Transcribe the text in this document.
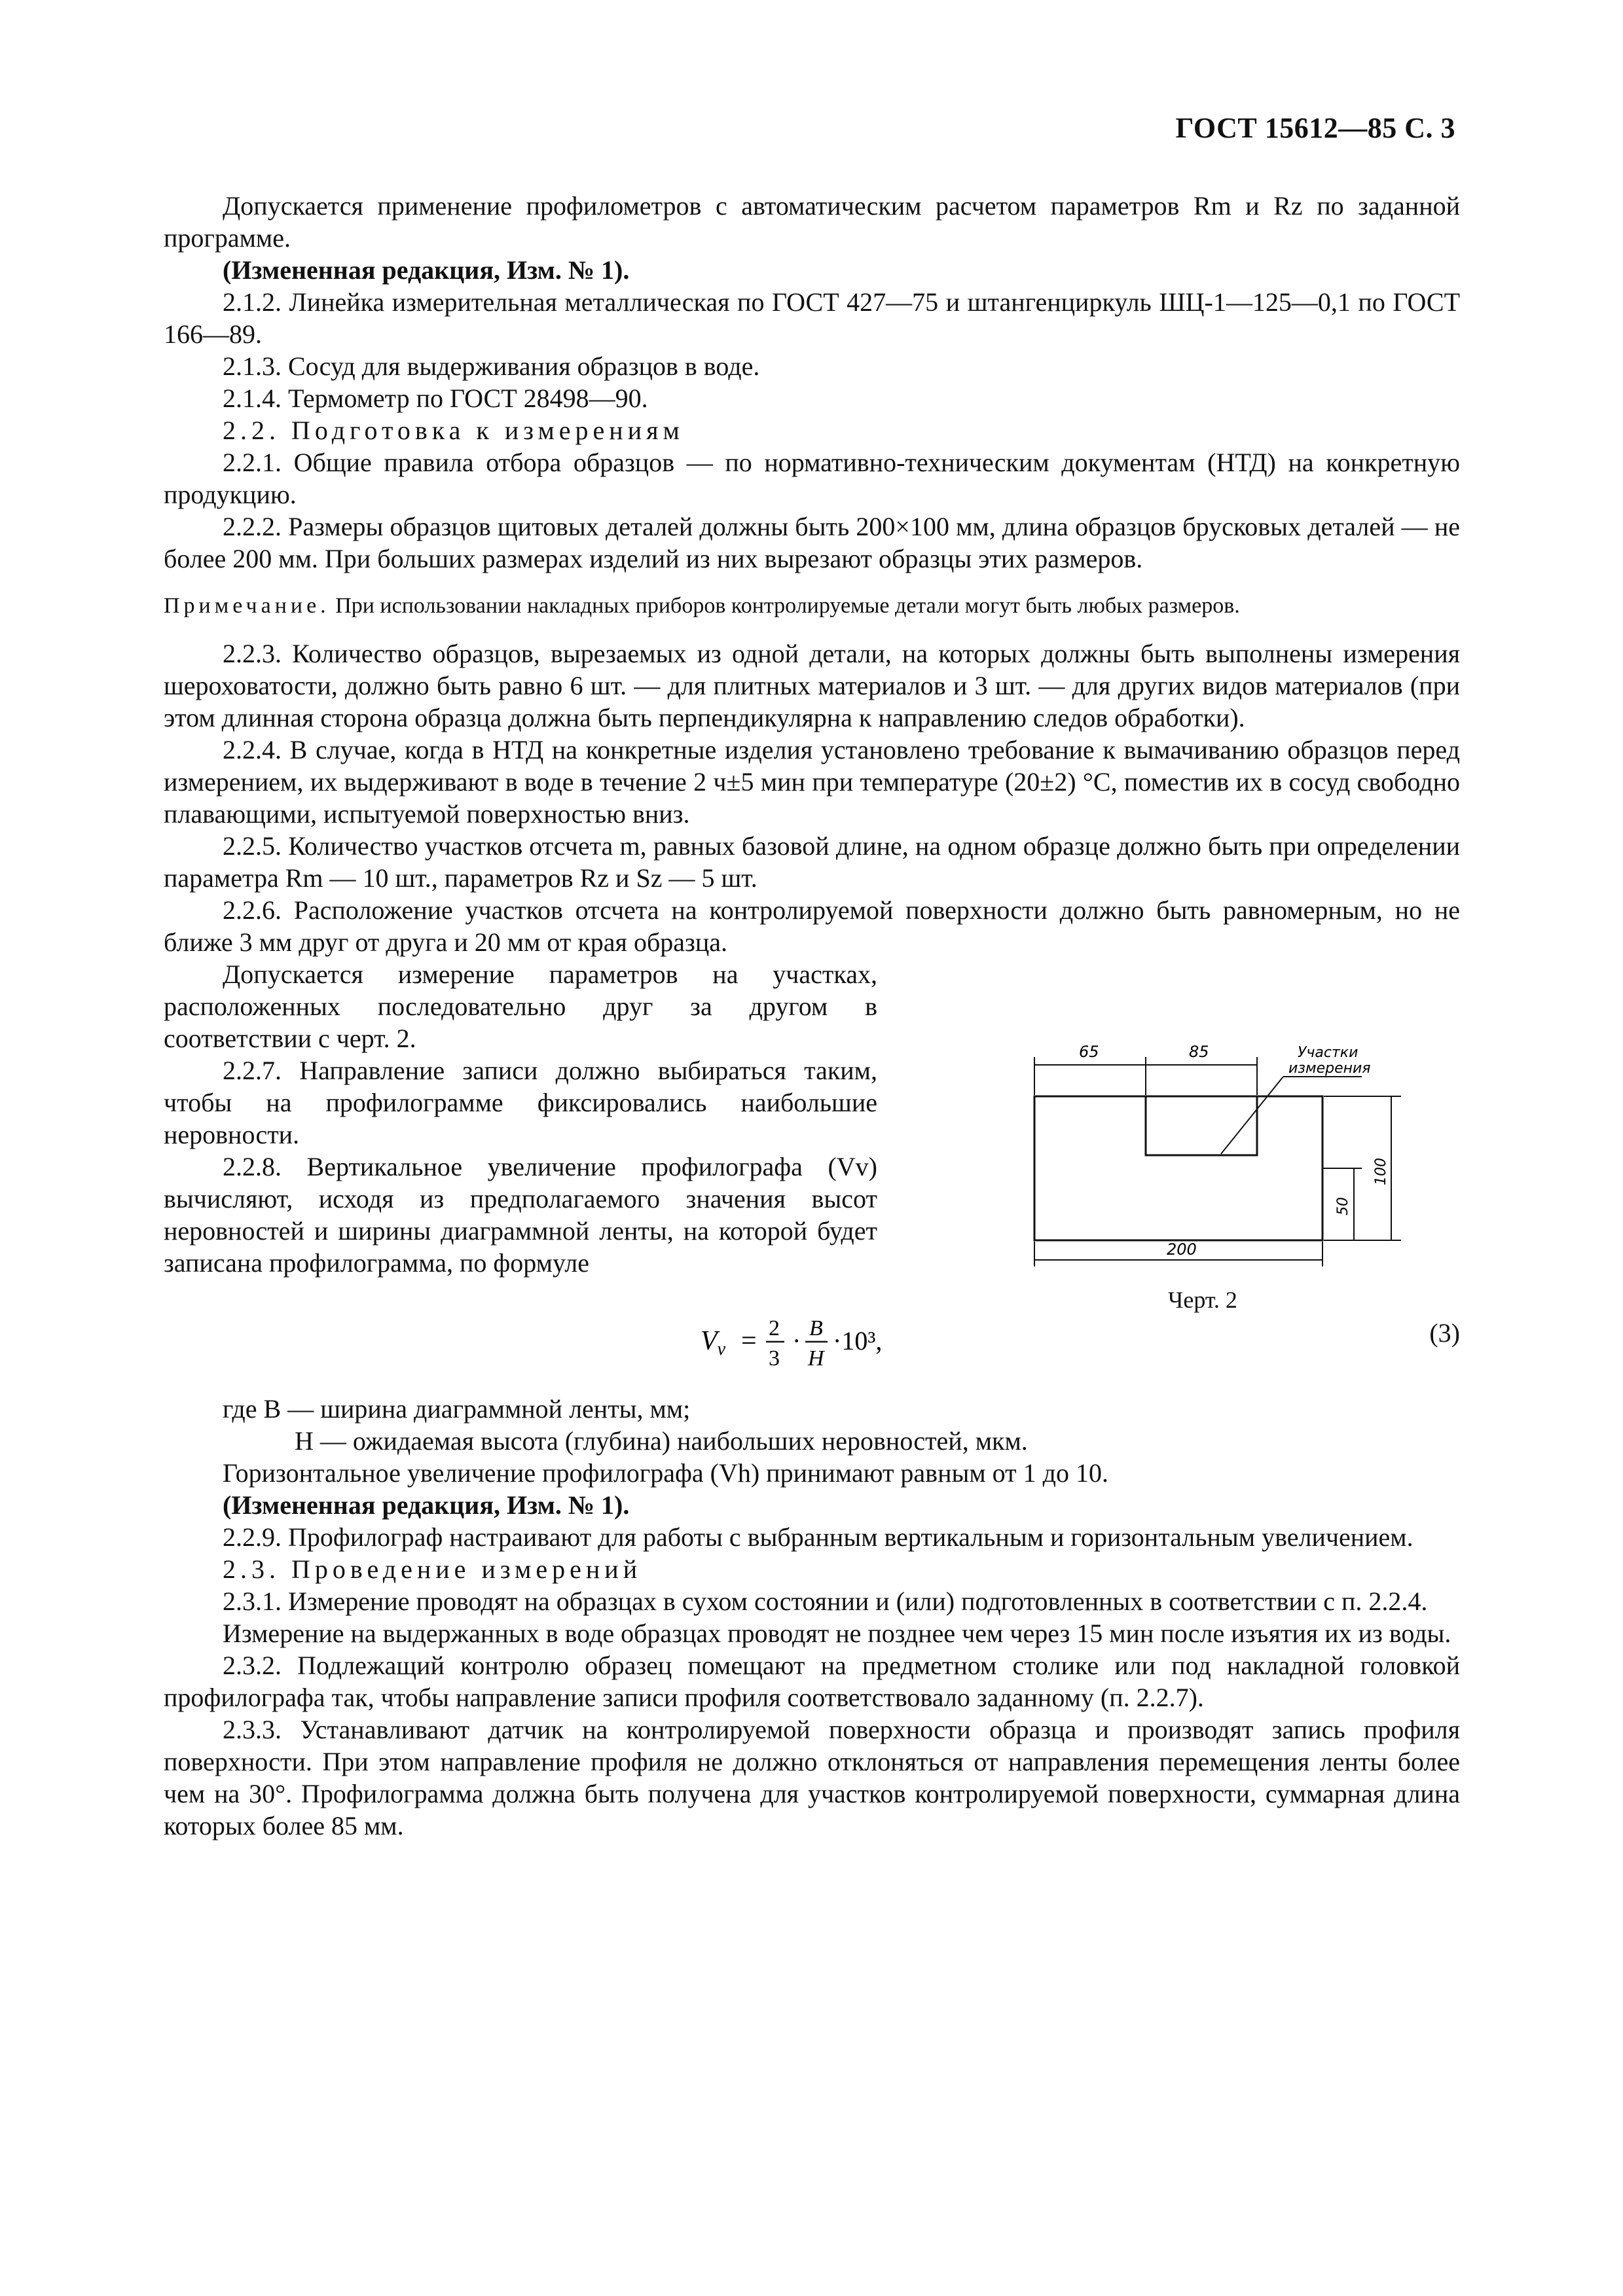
ГОСТ 15612—85 С. 3

Допускается применение профилометров с автоматическим расчетом параметров Rm и Rz по заданной программе.

(Измененная редакция, Изм. № 1).

2.1.2. Линейка измерительная металлическая по ГОСТ 427—75 и штангенциркуль ШЦ-1—125—0,1 по ГОСТ 166—89.

2.1.3. Сосуд для выдерживания образцов в воде.

2.1.4. Термометр по ГОСТ 28498—90.

2.2. Подготовка к измерениям

2.2.1. Общие правила отбора образцов — по нормативно-техническим документам (НТД) на конкретную продукцию.

2.2.2. Размеры образцов щитовых деталей должны быть 200×100 мм, длина образцов брусковых деталей — не более 200 мм. При больших размерах изделий из них вырезают образцы этих размеров.

Примечание. При использовании накладных приборов контролируемые детали могут быть любых размеров.

2.2.3. Количество образцов, вырезаемых из одной детали, на которых должны быть выполнены измерения шероховатости, должно быть равно 6 шт. — для плитных материалов и 3 шт. — для других видов материалов (при этом длинная сторона образца должна быть перпендикулярна к направлению следов обработки).

2.2.4. В случае, когда в НТД на конкретные изделия установлено требование к вымачиванию образцов перед измерением, их выдерживают в воде в течение 2 ч±5 мин при температуре (20±2) °С, поместив их в сосуд свободно плавающими, испытуемой поверхностью вниз.

2.2.5. Количество участков отсчета m, равных базовой длине, на одном образце должно быть при определении параметра Rm — 10 шт., параметров Rz и Sz — 5 шт.

2.2.6. Расположение участков отсчета на контролируемой поверхности должно быть равномерным, но не ближе 3 мм друг от друга и 20 мм от края образца.

Допускается измерение параметров на участках, расположенных последовательно друг за другом в соответствии с черт. 2.

2.2.7. Направление записи должно выбираться таким, чтобы на профилограмме фиксировались наибольшие неровности.

2.2.8. Вертикальное увеличение профилографа (Vv) вычисляют, исходя из предполагаемого значения высот неровностей и ширины диаграммной ленты, на которой будет записана профилограмма, по формуле

Vv = 2
3
· B
H
·10³,	(3)

где B — ширина диаграммной ленты, мм;

H — ожидаемая высота (глубина) наибольших неровностей, мкм.

Горизонтальное увеличение профилографа (Vh) принимают равным от 1 до 10.

(Измененная редакция, Изм. № 1).

2.2.9. Профилограф настраивают для работы с выбранным вертикальным и горизонтальным увеличением.

2.3. Проведение измерений

2.3.1. Измерение проводят на образцах в сухом состоянии и (или) подготовленных в соответствии с п. 2.2.4.

Измерение на выдержанных в воде образцах проводят не позднее чем через 15 мин после изъятия их из воды.

2.3.2. Подлежащий контролю образец помещают на предметном столике или под накладной головкой профилографа так, чтобы направление записи профиля соответствовало заданному (п. 2.2.7).

2.3.3. Устанавливают датчик на контролируемой поверхности образца и производят запись профиля поверхности. При этом направление профиля не должно отклоняться от направления перемещения ленты более чем на 30°. Профилограмма должна быть получена для участков контролируемой поверхности, суммарная длина которых более 85 мм.

65	85	Участки
измерения
200
100
50
Черт. 2
